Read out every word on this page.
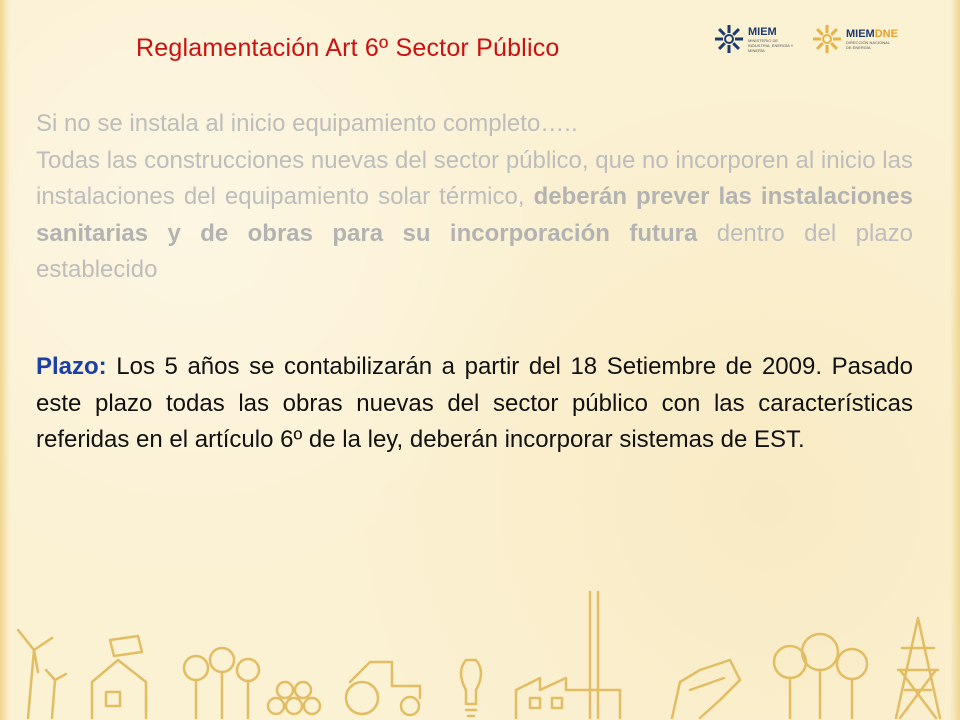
Reglamentación Art 6º Sector Público
MIEM
MINISTERIO DE INDUSTRIA, ENERGÍA Y MINERÍA
MIEMDNE
DIRECCIÓN NACIONAL DE ENERGÍA

Si no se instala al inicio equipamiento completo…..
Todas las construcciones nuevas del sector público, que no incorporen al inicio las instalaciones del equipamiento solar térmico, deberán prever las instalaciones sanitarias y de obras para su incorporación futura dentro del plazo establecido

Plazo: Los 5 años se contabilizarán a partir del 18 Setiembre de 2009. Pasado este plazo todas las obras nuevas del sector público con las características referidas en el artículo 6º de la ley, deberán incorporar sistemas de EST.
